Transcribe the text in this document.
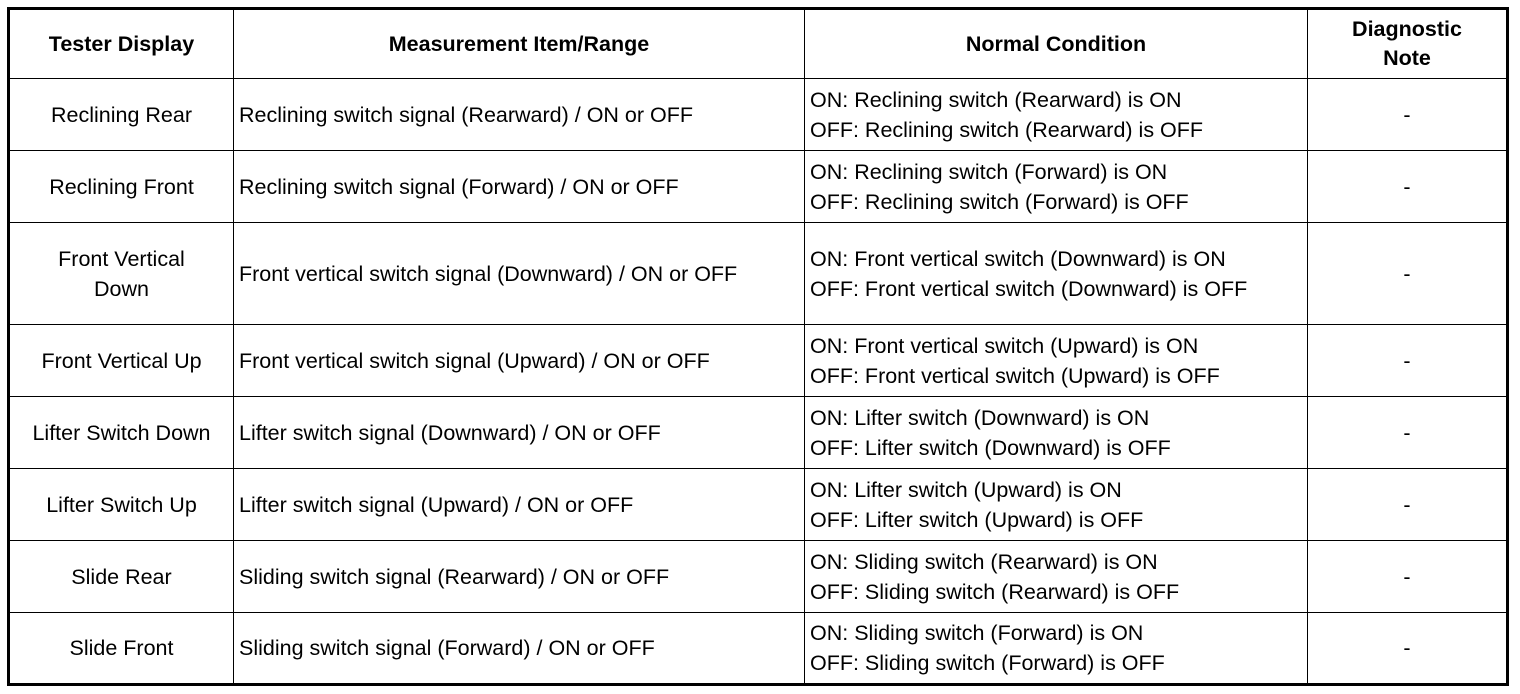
Tester Display	Measurement Item/Range	Normal Condition	Diagnostic Note
Reclining Rear	Reclining switch signal (Rearward) / ON or OFF	ON: Reclining switch (Rearward) is ON
OFF: Reclining switch (Rearward) is OFF	-
Reclining Front	Reclining switch signal (Forward) / ON or OFF	ON: Reclining switch (Forward) is ON
OFF: Reclining switch (Forward) is OFF	-
Front Vertical Down	Front vertical switch signal (Downward) / ON or OFF	ON: Front vertical switch (Downward) is ON
OFF: Front vertical switch (Downward) is OFF	-
Front Vertical Up	Front vertical switch signal (Upward) / ON or OFF	ON: Front vertical switch (Upward) is ON
OFF: Front vertical switch (Upward) is OFF	-
Lifter Switch Down	Lifter switch signal (Downward) / ON or OFF	ON: Lifter switch (Downward) is ON
OFF: Lifter switch (Downward) is OFF	-
Lifter Switch Up	Lifter switch signal (Upward) / ON or OFF	ON: Lifter switch (Upward) is ON
OFF: Lifter switch (Upward) is OFF	-
Slide Rear	Sliding switch signal (Rearward) / ON or OFF	ON: Sliding switch (Rearward) is ON
OFF: Sliding switch (Rearward) is OFF	-
Slide Front	Sliding switch signal (Forward) / ON or OFF	ON: Sliding switch (Forward) is ON
OFF: Sliding switch (Forward) is OFF	-
